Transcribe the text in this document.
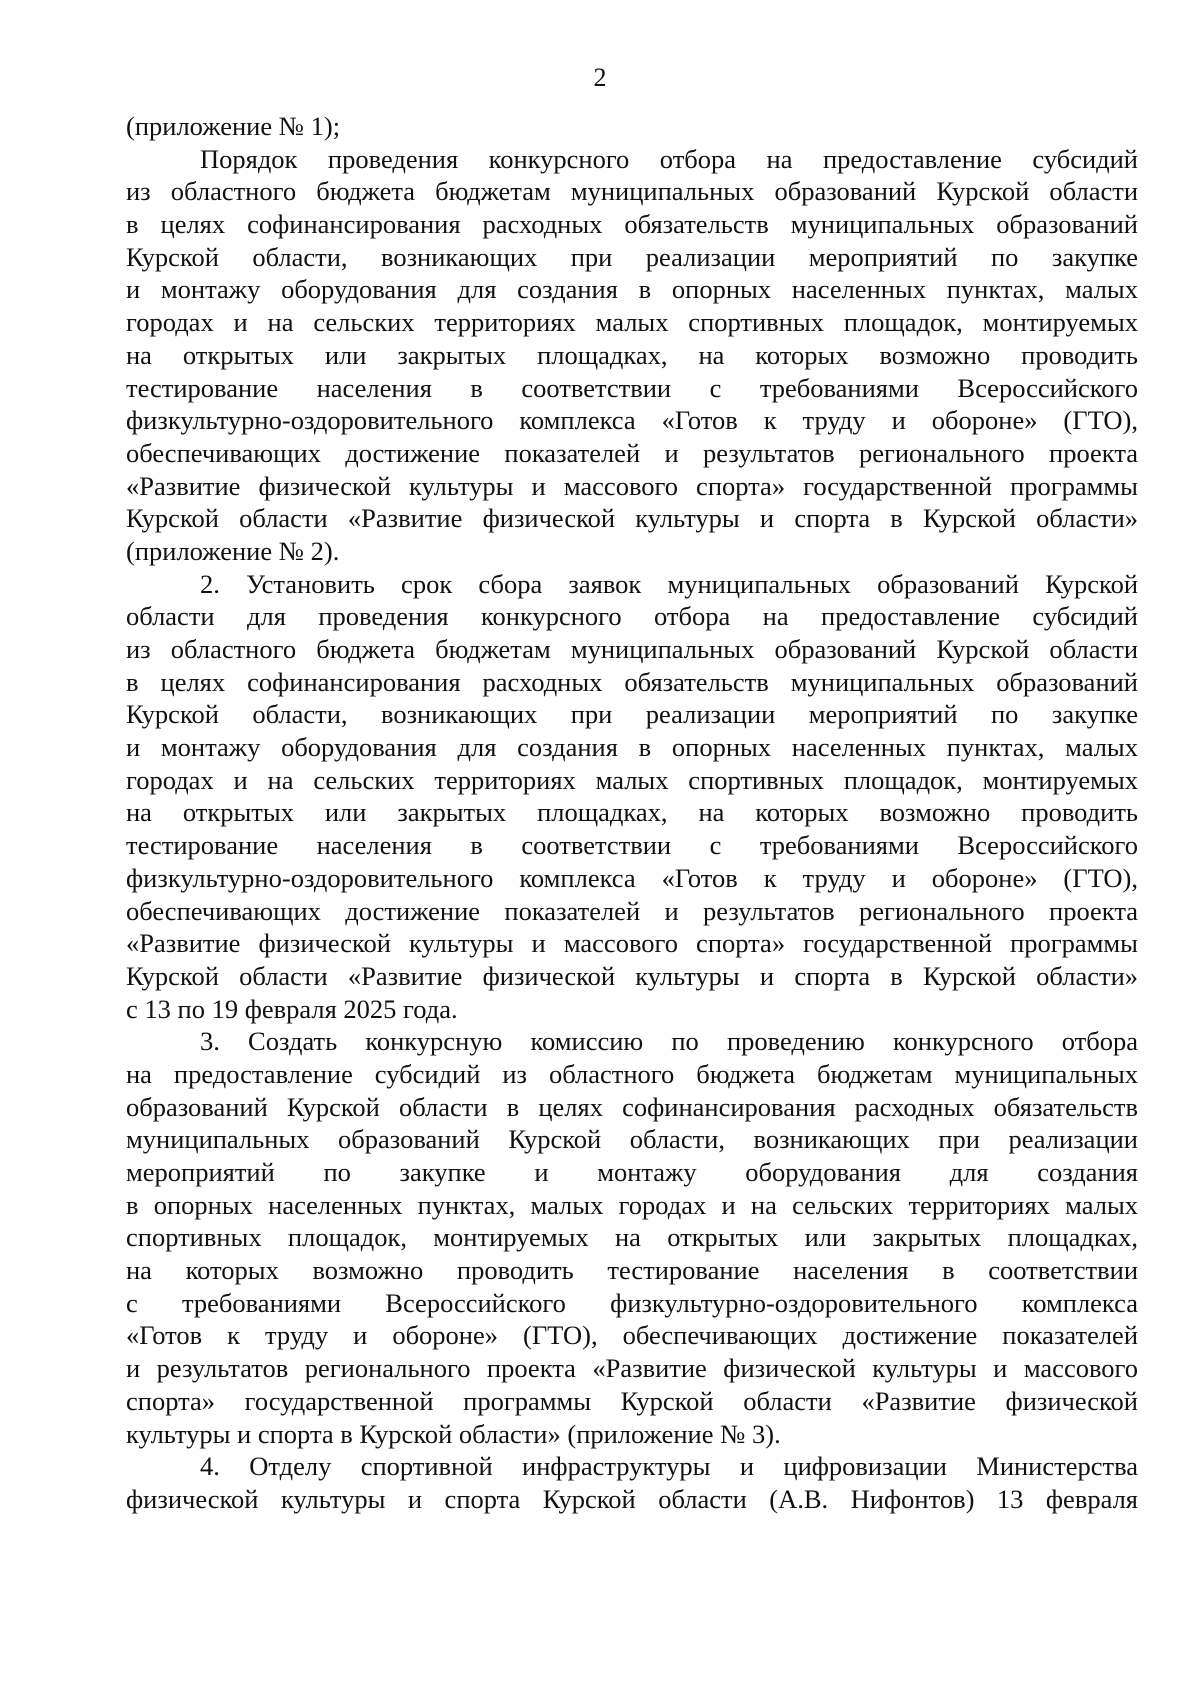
2
(приложение № 1);
Порядок проведения конкурсного отбора на предоставление субсидий
из областного бюджета бюджетам муниципальных образований Курской области
в целях софинансирования расходных обязательств муниципальных образований
Курской области, возникающих при реализации мероприятий по закупке
и монтажу оборудования для создания в опорных населенных пунктах, малых
городах и на сельских территориях малых спортивных площадок, монтируемых
на открытых или закрытых площадках, на которых возможно проводить
тестирование населения в соответствии с требованиями Всероссийского
физкультурно-оздоровительного комплекса «Готов к труду и обороне» (ГТО),
обеспечивающих достижение показателей и результатов регионального проекта
«Развитие физической культуры и массового спорта» государственной программы
Курской области «Развитие физической культуры и спорта в Курской области»
(приложение № 2).
2. Установить срок сбора заявок муниципальных образований Курской
области для проведения конкурсного отбора на предоставление субсидий
из областного бюджета бюджетам муниципальных образований Курской области
в целях софинансирования расходных обязательств муниципальных образований
Курской области, возникающих при реализации мероприятий по закупке
и монтажу оборудования для создания в опорных населенных пунктах, малых
городах и на сельских территориях малых спортивных площадок, монтируемых
на открытых или закрытых площадках, на которых возможно проводить
тестирование населения в соответствии с требованиями Всероссийского
физкультурно-оздоровительного комплекса «Готов к труду и обороне» (ГТО),
обеспечивающих достижение показателей и результатов регионального проекта
«Развитие физической культуры и массового спорта» государственной программы
Курской области «Развитие физической культуры и спорта в Курской области»
с 13 по 19 февраля 2025 года.
3. Создать конкурсную комиссию по проведению конкурсного отбора
на предоставление субсидий из областного бюджета бюджетам муниципальных
образований Курской области в целях софинансирования расходных обязательств
муниципальных образований Курской области, возникающих при реализации
мероприятий по закупке и монтажу оборудования для создания
в опорных населенных пунктах, малых городах и на сельских территориях малых
спортивных площадок, монтируемых на открытых или закрытых площадках,
на которых возможно проводить тестирование населения в соответствии
с требованиями Всероссийского физкультурно-оздоровительного комплекса
«Готов к труду и обороне» (ГТО), обеспечивающих достижение показателей
и результатов регионального проекта «Развитие физической культуры и массового
спорта» государственной программы Курской области «Развитие физической
культуры и спорта в Курской области» (приложение № 3).
4. Отделу спортивной инфраструктуры и цифровизации Министерства
физической культуры и спорта Курской области (А.В. Нифонтов) 13 февраля
